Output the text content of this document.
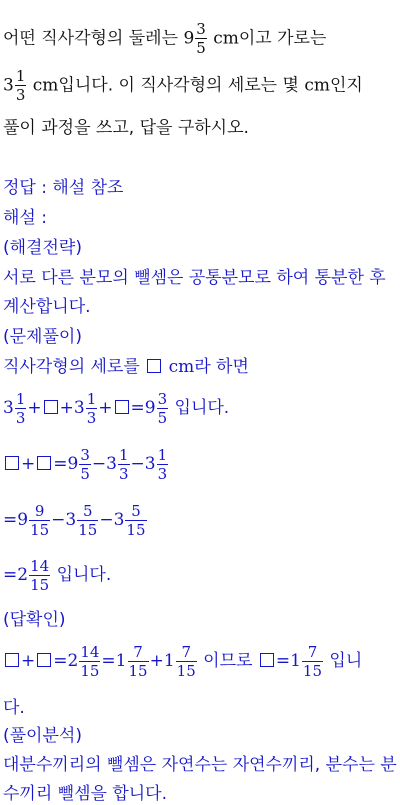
어떤 직사각형의 둘레는 $9 \frac{3}{5}$ cm이고 가로는
$3 \frac{1}{3}$ cm입니다. 이 직사각형의 세로는 몇 cm인지
풀이 과정을 쓰고, 답을 구하시오.
정답 : 해설 참조
해설 :
(해결전략)
서로 다른 분모의 뺄셈은 공통분모로 하여 통분한 후
계산합니다.
(문제풀이)
직사각형의 세로를  cm라 하면
$3 \frac{1}{3} + +3 \frac{1}{3} + =9 \frac{3}{5}$ 입니다.
+ $=9 \frac{3}{5} -3 \frac{1}{3} -3 \frac{1}{3}$
$=9 \frac{9}{15} -3 \frac{5}{15} -3 \frac{5}{15}$
$=2 \frac{14}{15}$ 입니다.
(답확인)
+ $=2 \frac{14}{15} =1 \frac{7}{15} +1 \frac{7}{15}$ 이므로 $=1 \frac{7}{15}$ 입니
다.
(풀이분석)
대분수끼리의 뺄셈은 자연수는 자연수끼리, 분수는 분
수끼리 뺄셈을 합니다.
